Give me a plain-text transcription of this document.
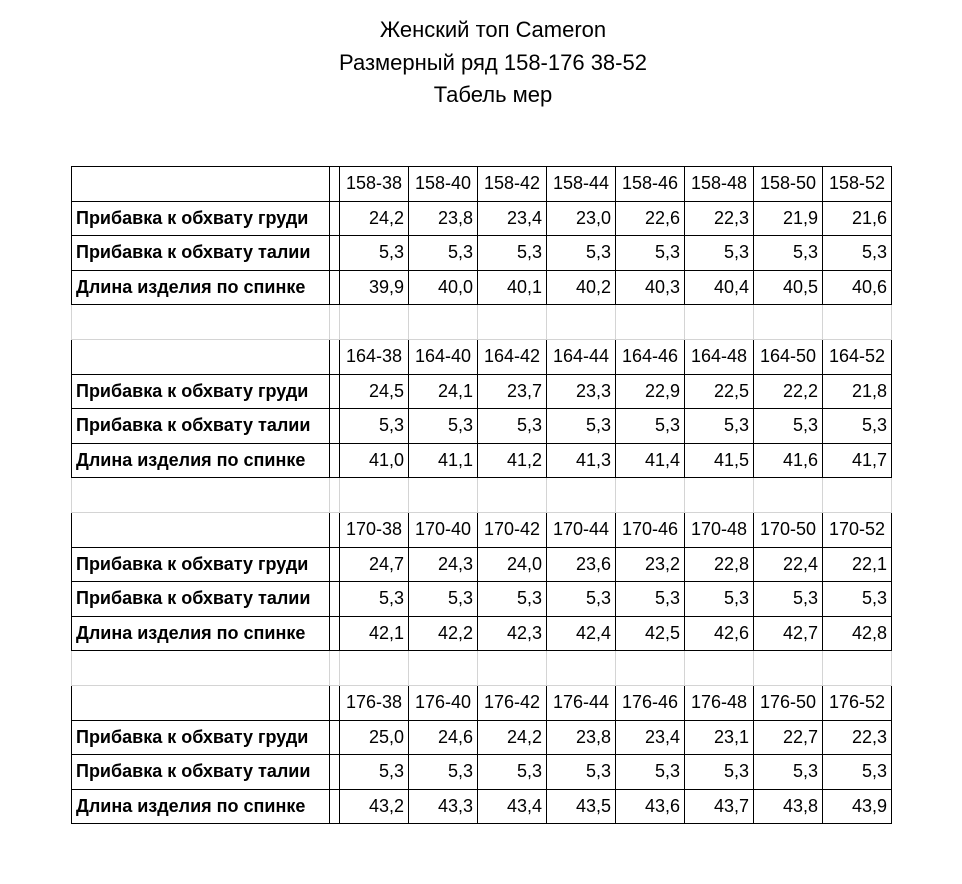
Женский топ Cameron
Размерный ряд 158-176 38-52
Табель мер
		158-38	158-40	158-42	158-44	158-46	158-48	158-50	158-52
Прибавка к обхвату груди		24,2	23,8	23,4	23,0	22,6	22,3	21,9	21,6
Прибавка к обхвату талии		5,3	5,3	5,3	5,3	5,3	5,3	5,3	5,3
Длина изделия по спинке		39,9	40,0	40,1	40,2	40,3	40,4	40,5	40,6

		164-38	164-40	164-42	164-44	164-46	164-48	164-50	164-52
Прибавка к обхвату груди		24,5	24,1	23,7	23,3	22,9	22,5	22,2	21,8
Прибавка к обхвату талии		5,3	5,3	5,3	5,3	5,3	5,3	5,3	5,3
Длина изделия по спинке		41,0	41,1	41,2	41,3	41,4	41,5	41,6	41,7

		170-38	170-40	170-42	170-44	170-46	170-48	170-50	170-52
Прибавка к обхвату груди		24,7	24,3	24,0	23,6	23,2	22,8	22,4	22,1
Прибавка к обхвату талии		5,3	5,3	5,3	5,3	5,3	5,3	5,3	5,3
Длина изделия по спинке		42,1	42,2	42,3	42,4	42,5	42,6	42,7	42,8

		176-38	176-40	176-42	176-44	176-46	176-48	176-50	176-52
Прибавка к обхвату груди		25,0	24,6	24,2	23,8	23,4	23,1	22,7	22,3
Прибавка к обхвату талии		5,3	5,3	5,3	5,3	5,3	5,3	5,3	5,3
Длина изделия по спинке		43,2	43,3	43,4	43,5	43,6	43,7	43,8	43,9
